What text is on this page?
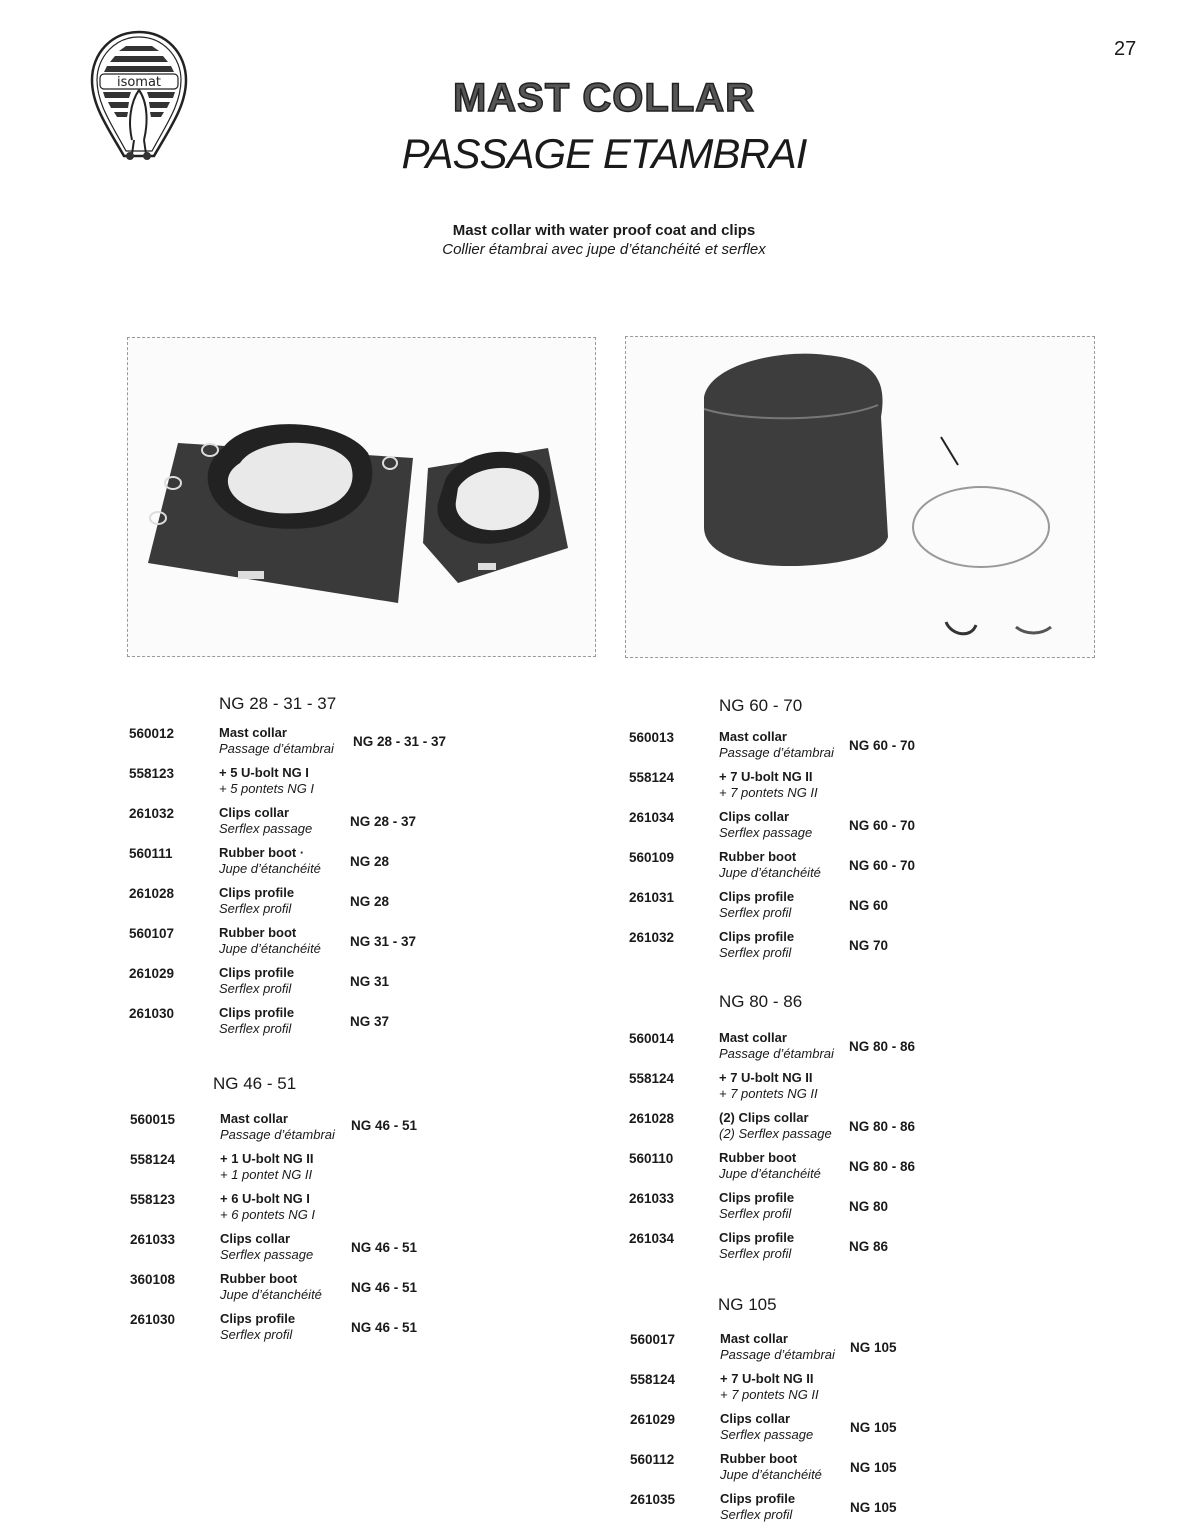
27
isomat	MAST COLLAR
PASSAGE ETAMBRAI
Mast collar with water proof coat and clips
Collier étambrai avec jupe d’étanchéité et serflex
NG 28 - 31 - 37
560012	Mast collar
Passage d’étambrai NG 28 - 31 - 37
558123	+ 5 U-bolt NG I
+ 5 pontets NG I
261032	Clips collar
Serflex passage	NG 28 - 37
560111	Rubber boot ·
Jupe d’étanchéité NG 28
261028	Clips profile
Serflex profil	NG 28
560107	Rubber boot
Jupe d’étanchéité NG 31 - 37
261029	Clips profile
Serflex profil	NG 31
261030	Clips profile
Serflex profil	NG 37
NG 46 - 51
560015	Mast collar
Passage d’étambrai
NG 46 - 51
558124	+ 1 U-bolt NG II
+ 1 pontet NG II
558123	+ 6 U-bolt NG I
+ 6 pontets NG I
261033	Clips collar
Serflex passage	NG 46 - 51
360108	Rubber boot
Jupe d’étanchéité NG 46 - 51
261030	Clips profile
Serflex profil	NG 46 - 51
NG 60 - 70
560013	Mast collar
Passage d’étambrai NG 60 - 70
558124	+ 7 U-bolt NG II
+ 7 pontets NG II
261034	Clips collar
Serflex passage	NG 60 - 70
560109	Rubber boot
Jupe d’étanchéité NG 60 - 70
261031	Clips profile
Serflex profil	NG 60
261032	Clips profile
Serflex profil	NG 70
NG 80 - 86
560014	Mast collar
Passage d’étambrai NG 80 - 86
558124	+ 7 U-bolt NG II
+ 7 pontets NG II
261028	(2) Clips collar
(2) Serflex passage NG 80 - 86
560110	Rubber boot
Jupe d’étanchéité NG 80 - 86
261033	Clips profile
Serflex profil	NG 80
261034	Clips profile
Serflex profil	NG 86
NG 105
560017	Mast collar
Passage d’étambrai NG 105
558124	+ 7 U-bolt NG II
+ 7 pontets NG II
261029	Clips collar
Serflex passage	NG 105
560112	Rubber boot
Jupe d’étanchéité NG 105
261035	Clips profile
Serflex profil	NG 105
